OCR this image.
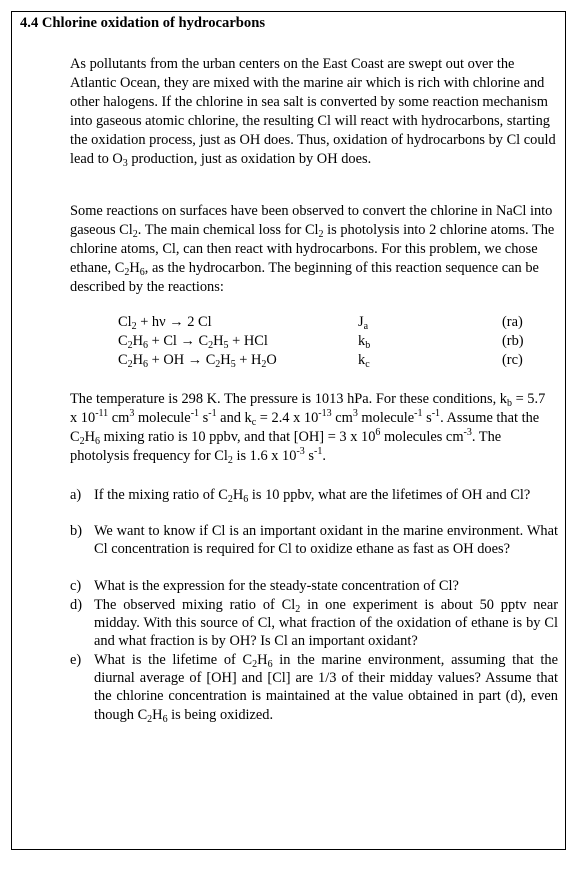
4.4 Chlorine oxidation of hydrocarbons
As pollutants from the urban centers on the East Coast are swept out over the Atlantic Ocean, they are mixed with the marine air which is rich with chlorine and other halogens. If the chlorine in sea salt is converted by some reaction mechanism into gaseous atomic chlorine, the resulting Cl will react with hydrocarbons, starting the oxidation process, just as OH does. Thus, oxidation of hydrocarbons by Cl could lead to $O_3$ production, just as oxidation by OH does.
Some reactions on surfaces have been observed to convert the chlorine in NaCl into gaseous $Cl_2$. The main chemical loss for $Cl_2$ is photolysis into 2 chlorine atoms. The chlorine atoms, Cl, can then react with hydrocarbons. For this problem, we chose ethane, $C_2H_6$, as the hydrocarbon. The beginning of this reaction sequence can be described by the reactions:
$Cl_2 + h\nu \to 2$ Cl	$J_a$	(ra)
$C_2H_6 + Cl \to C_2H_5$ + HCl	$k_b$	(rb)
$C_2H_6$ + OH → $C_2H_5 + H_2O$	$k_c$	(rc)
The temperature is 298 K. The pressure is 1013 hPa. For these conditions, $k_b = 5.7$ x $10^{-11}$ $cm^3$ molecule$^{-1}$ $s^{-1}$ and $k_c = 2.4$ x $10^{-13}$ $cm^3$ molecule$^{-1}$ $s^{-1}$. Assume that the $C_2H_6$ mixing ratio is 10 ppbv, and that [OH] = 3 x $10^6$ molecules $cm^{-3}$. The photolysis frequency for $Cl_2$ is 1.6 x $10^{-3}$ $s^{-1}$.
a) If the mixing ratio of $C_2H_6$ is 10 ppbv, what are the lifetimes of OH and Cl?
b) We want to know if Cl is an important oxidant in the marine environment. What Cl concentration is required for Cl to oxidize ethane as fast as OH does?
c) What is the expression for the steady-state concentration of Cl?
d) The observed mixing ratio of $Cl_2$ in one experiment is about 50 pptv near midday. With this source of Cl, what fraction of the oxidation of ethane is by Cl and what fraction is by OH? Is Cl an important oxidant?
e) What is the lifetime of $C_2H_6$ in the marine environment, assuming that the diurnal average of [OH] and [Cl] are 1/3 of their midday values? Assume that the chlorine concentration is maintained at the value obtained in part (d), even though $C_2H_6$ is being oxidized.
